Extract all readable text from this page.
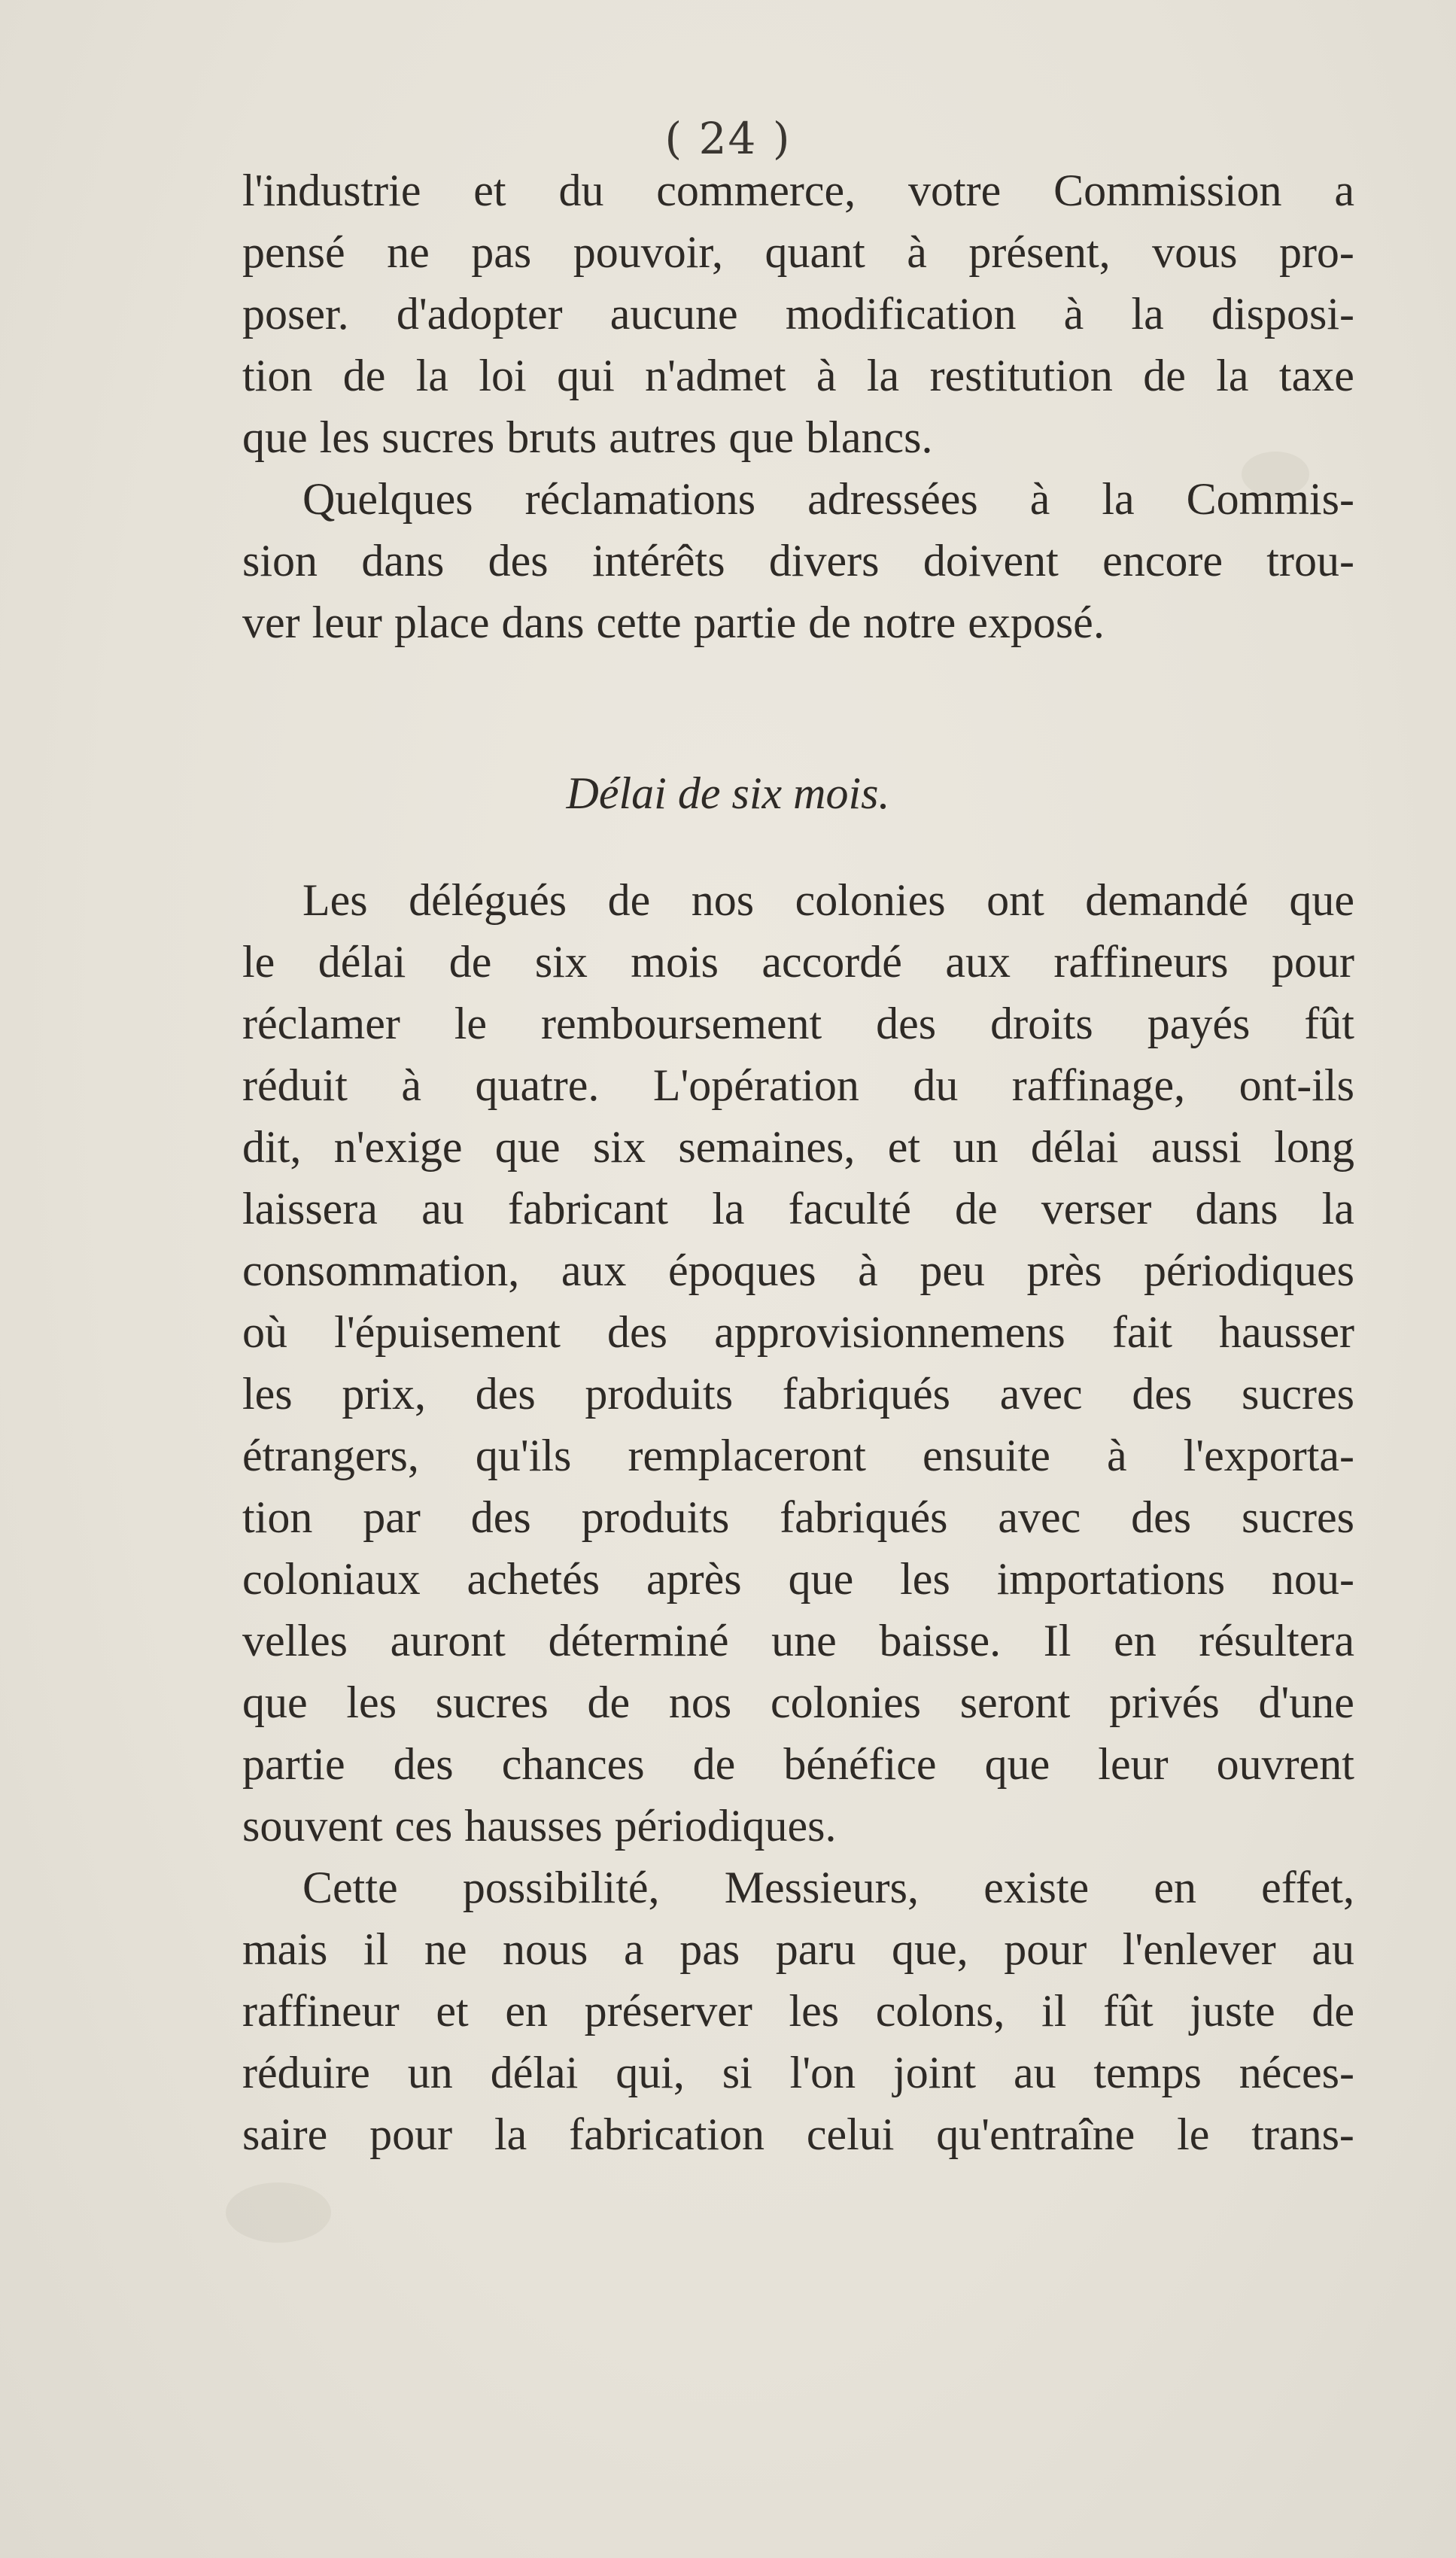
( 24 )
l'industrie et du commerce, votre Commission a
pensé ne pas pouvoir, quant à présent, vous pro-
poser. d'adopter aucune modification à la disposi-
tion de la loi qui n'admet à la restitution de la taxe
que les sucres bruts autres que blancs.
Quelques réclamations adressées à la Commis-
sion dans des intérêts divers doivent encore trou-
ver leur place dans cette partie de notre exposé.
Délai de six mois.
Les délégués de nos colonies ont demandé que
le délai de six mois accordé aux raffineurs pour
réclamer le remboursement des droits payés fût
réduit à quatre. L'opération du raffinage, ont-ils
dit, n'exige que six semaines, et un délai aussi long
laissera au fabricant la faculté de verser dans la
consommation, aux époques à peu près périodiques
où l'épuisement des approvisionnemens fait hausser
les prix, des produits fabriqués avec des sucres
étrangers, qu'ils remplaceront ensuite à l'exporta-
tion par des produits fabriqués avec des sucres
coloniaux achetés après que les importations nou-
velles auront déterminé une baisse. Il en résultera
que les sucres de nos colonies seront privés d'une
partie des chances de bénéfice que leur ouvrent
souvent ces hausses périodiques.
Cette possibilité, Messieurs, existe en effet,
mais il ne nous a pas paru que, pour l'enlever au
raffineur et en préserver les colons, il fût juste de
réduire un délai qui, si l'on joint au temps néces-
saire pour la fabrication celui qu'entraîne le trans-
